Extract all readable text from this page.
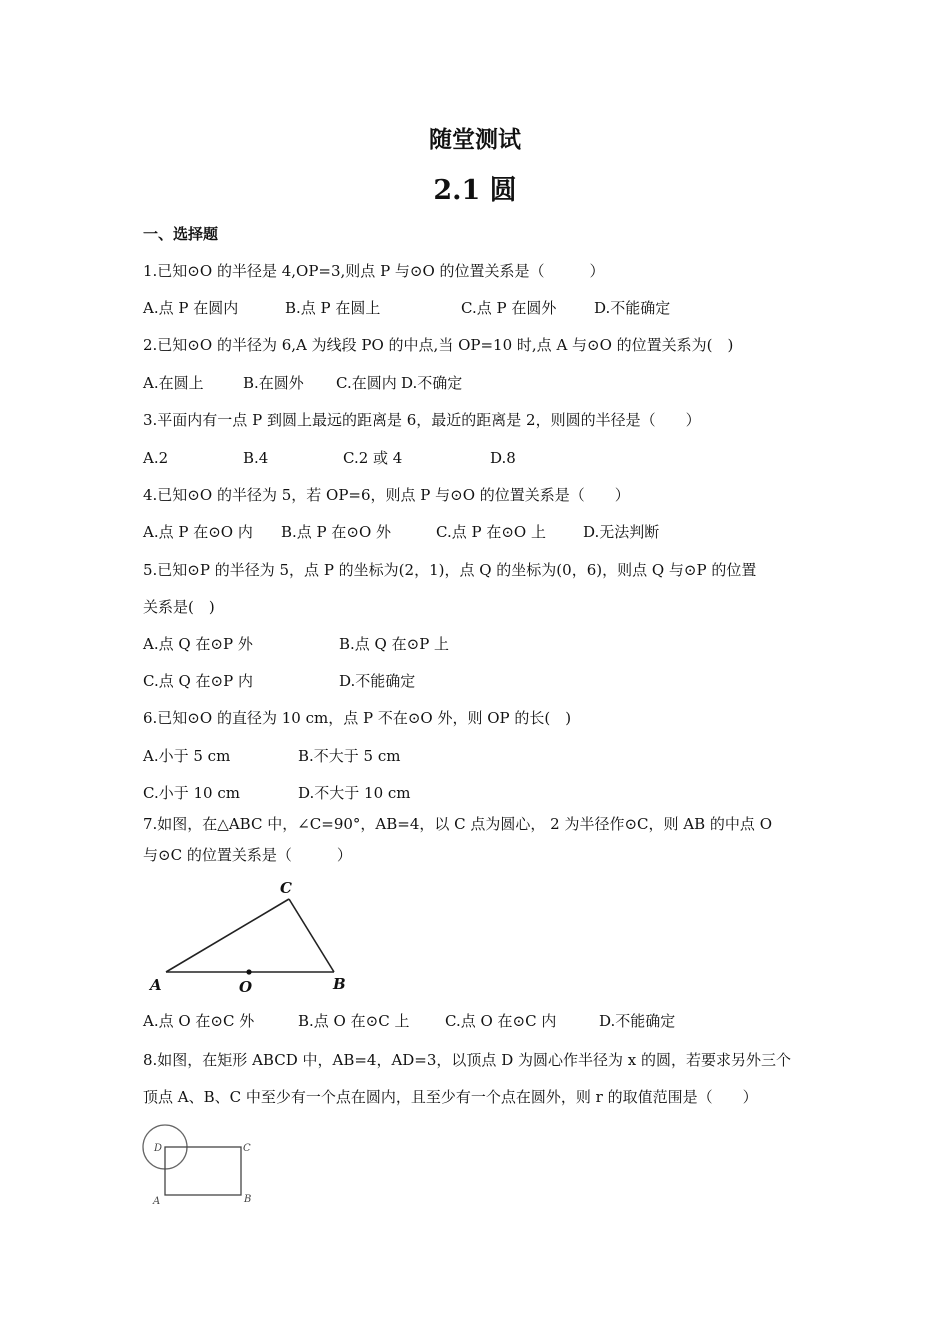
随堂测试
2.1 圆
一、选择题
1.已知⊙O 的半径是 4,OP=3,则点 P 与⊙O 的位置关系是（　　　）
A.点 P 在圆内	B.点 P 在圆上	C.点 P 在圆外	D.不能确定
2.已知⊙O 的半径为 6,A 为线段 PO 的中点,当 OP=10 时,点 A 与⊙O 的位置关系为(　)
A.在圆上	B.在圆外 C.在圆内 D.不确定
3.平面内有一点 P 到圆上最远的距离是 6，最近的距离是 2，则圆的半径是（　　）
A.2	B.4	C.2 或 4	D.8
4.已知⊙O 的半径为 5，若 OP=6，则点 P 与⊙O 的位置关系是（　　）
A.点 P 在⊙O 内 B.点 P 在⊙O 外	C.点 P 在⊙O 上 D.无法判断
5.已知⊙P 的半径为 5，点 P 的坐标为(2，1)，点 Q 的坐标为(0，6)，则点 Q 与⊙P 的位置
关系是(　)
A.点 Q 在⊙P 外	B.点 Q 在⊙P 上
C.点 Q 在⊙P 内	D.不能确定
6.已知⊙O 的直径为 10 cm，点 P 不在⊙O 外，则 OP 的长(　)
A.小于 5 cm	B.不大于 5 cm
C.小于 10 cm	D.不大于 10 cm
7.如图，在△ABC 中，∠C=90°，AB=4，以 C 点为圆心， 2 为半径作⊙C，则 AB 的中点 O
与⊙C 的位置关系是（　　　）
A	O	B
C
A.点 O 在⊙C 外	B.点 O 在⊙C 上 C.点 O 在⊙C 内	D.不能确定
8.如图，在矩形 ABCD 中，AB=4，AD=3，以顶点 D 为圆心作半径为 x 的圆，若要求另外三个
顶点 A、B、C 中至少有一个点在圆内，且至少有一个点在圆外，则 r 的取值范围是（　　）
D	C
A	B
